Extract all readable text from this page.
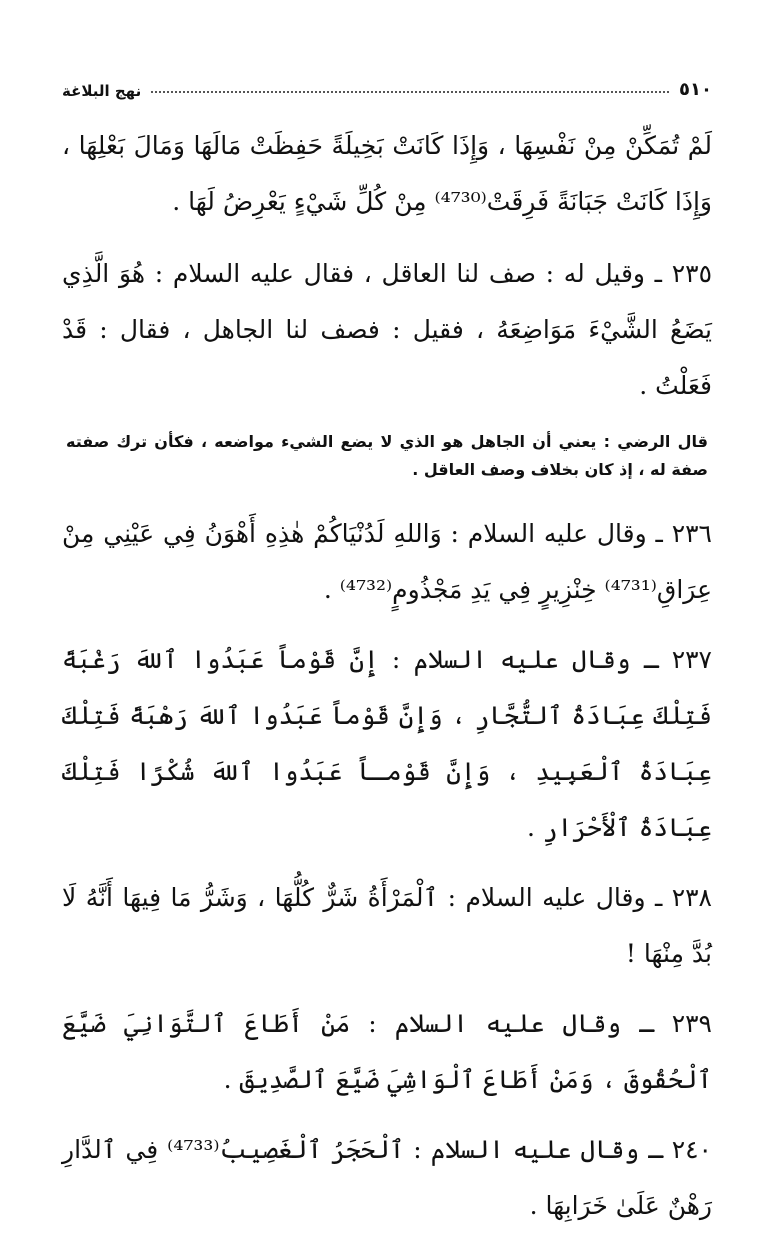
٥١٠
نهج البلاغة

لَمْ تُمَكِّنْ مِنْ نَفْسِهَا ، وَإِذَا كَانَتْ بَخِيلَةً حَفِظَتْ مَالَهَا وَمَالَ بَعْلِهَا ، وَإِذَا كَانَتْ جَبَانَةً فَرِقَتْ⁽⁴⁷³⁰⁾ مِنْ كُلِّ شَيْءٍ يَعْرِضُ لَهَا .

٢٣٥ ـ وقيل له : صف لنا العاقل ، فقال عليه السلام : هُوَ الَّذِي يَضَعُ الشَّيْءَ مَوَاضِعَهُ ، فقيل : فصف لنا الجاهل ، فقال : قَدْ فَعَلْتُ .

قال الرضي : يعني أن الجاهل هو الذي لا يضع الشيء مواضعه ، فكأن ترك صفته صفة له ، إذ كان بخلاف وصف العاقل .

٢٣٦ ـ وقال عليه السلام : وَاللهِ لَدُنْيَاكُمْ هٰذِهِ أَهْوَنُ فِي عَيْنِي مِنْ عِرَاقِ⁽⁴⁷³¹⁾ خِنْزِيرٍ فِي يَدِ مَجْذُومٍ⁽⁴⁷³²⁾ .

٢٣٧ ـ وقال عليه السلام : إِنَّ قَوْماً عَبَدُوا ٱللهَ رَغْبَةً فَتِلْكَ عِبَادَةُ ٱلتُّجَّارِ ، وَإِنَّ قَوْماً عَبَدُوا ٱللهَ رَهْبَةً فَتِلْكَ عِبَادَةُ ٱلْعَبِيدِ ، وَإِنَّ قَوْمـاً عَبَدُوا ٱللهَ شُكْرًا فَتِلْكَ عِبَادَةُ ٱلْأَحْرَارِ .

٢٣٨ ـ وقال عليه السلام : ٱلْمَرْأَةُ شَرٌّ كُلُّهَا ، وَشَرُّ مَا فِيهَا أَنَّهُ لَا بُدَّ مِنْهَا !

٢٣٩ ـ وقال عليه السلام : مَنْ أَطَاعَ ٱلتَّوَانِيَ ضَيَّعَ ٱلْحُقُوقَ ، وَمَنْ أَطَاعَ ٱلْوَاشِيَ ضَيَّعَ ٱلصَّدِيقَ .

٢٤٠ ـ وقال عليه السلام : ٱلْحَجَرُ ٱلْغَصِيبُ⁽⁴⁷³³⁾ فِي ٱلدَّارِ رَهْنٌ عَلَىٰ خَرَابِهَا .
